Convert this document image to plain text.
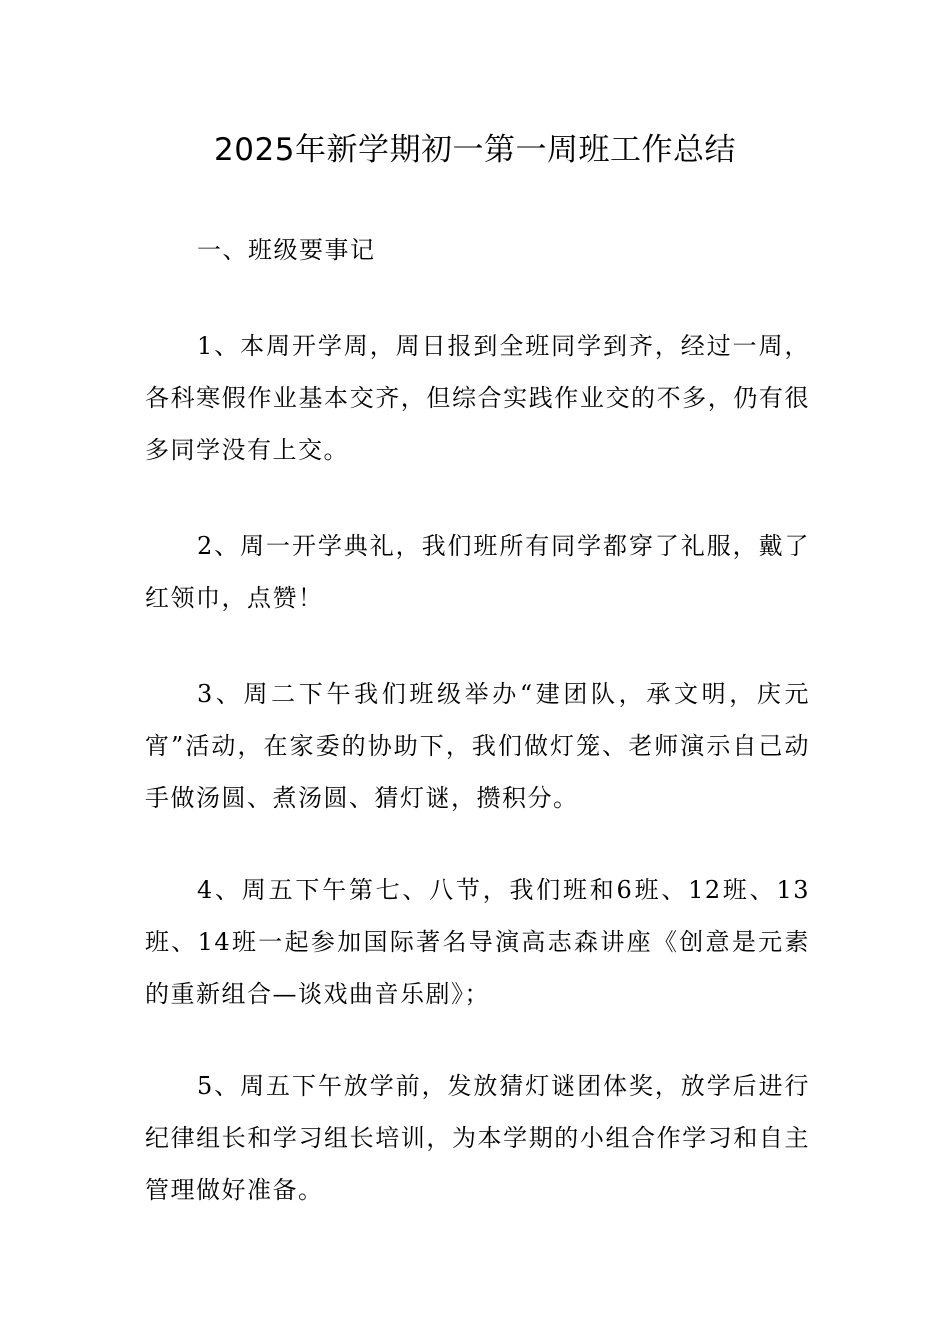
2025年新学期初一第一周班工作总结

一、班级要事记

1、本周开学周，周日报到全班同学到齐，经过一周，各科寒假作业基本交齐，但综合实践作业交的不多，仍有很多同学没有上交。

2、周一开学典礼，我们班所有同学都穿了礼服，戴了红领巾，点赞！

3、周二下午我们班级举办“建团队，承文明，庆元宵”活动，在家委的协助下，我们做灯笼、老师演示自己动手做汤圆、煮汤圆、猜灯谜，攒积分。

4、周五下午第七、八节，我们班和6班、12班、13班、14班一起参加国际著名导演高志森讲座《创意是元素的重新组合—谈戏曲音乐剧》；

5、周五下午放学前，发放猜灯谜团体奖，放学后进行纪律组长和学习组长培训，为本学期的小组合作学习和自主管理做好准备。
